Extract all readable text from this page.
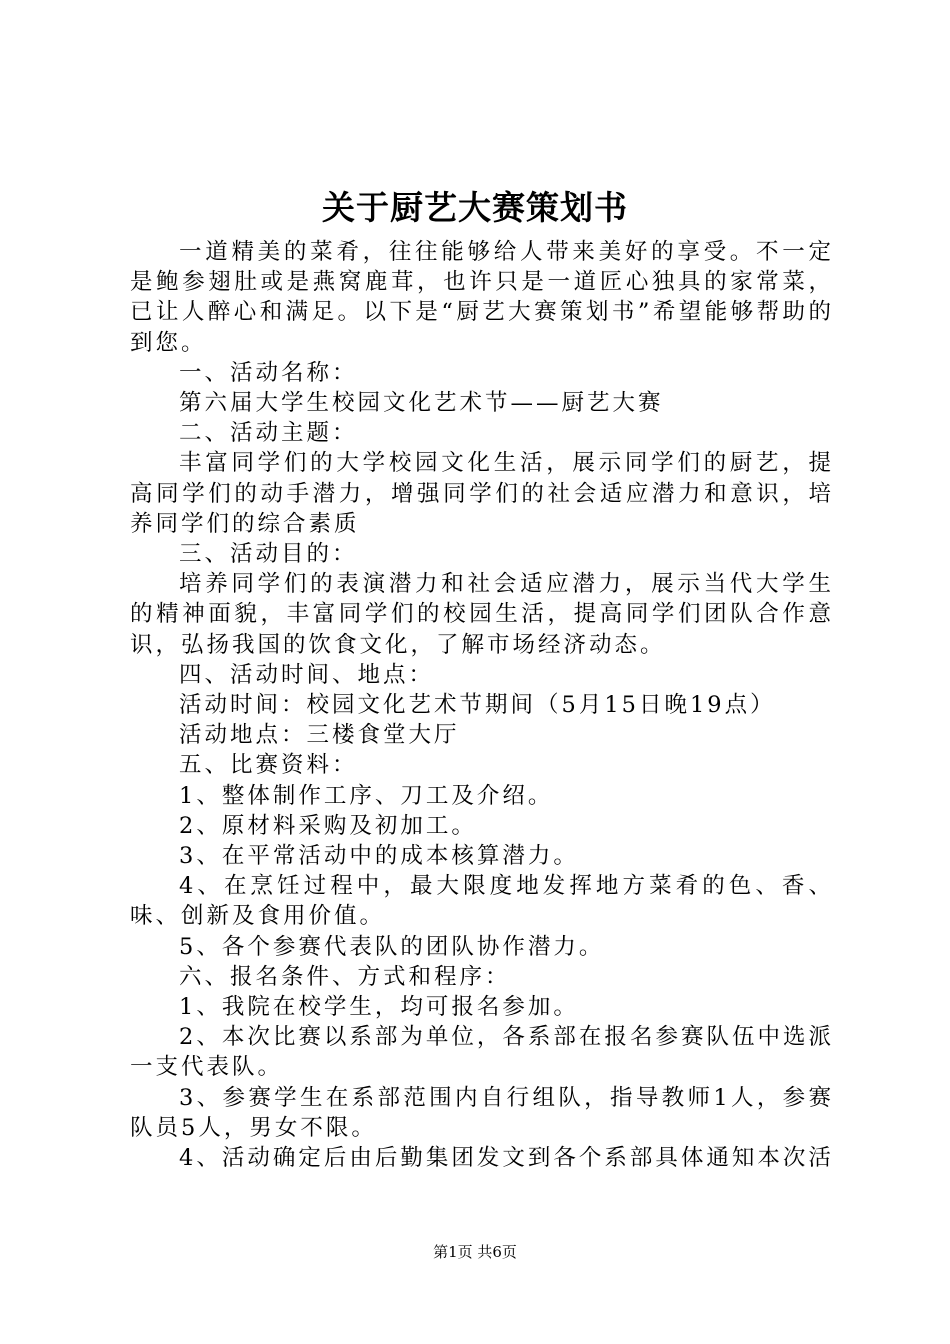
关于厨艺大赛策划书

一道精美的菜肴，往往能够给人带来美好的享受。不一定是鲍参翅肚或是燕窝鹿茸，也许只是一道匠心独具的家常菜，已让人醉心和满足。以下是“厨艺大赛策划书”希望能够帮助的到您。

一、活动名称：

第六届大学生校园文化艺术节——厨艺大赛

二、活动主题：

丰富同学们的大学校园文化生活，展示同学们的厨艺，提高同学们的动手潜力，增强同学们的社会适应潜力和意识，培养同学们的综合素质

三、活动目的：

培养同学们的表演潜力和社会适应潜力，展示当代大学生的精神面貌，丰富同学们的校园生活，提高同学们团队合作意识，弘扬我国的饮食文化，了解市场经济动态。

四、活动时间、地点：

活动时间：校园文化艺术节期间（5月15日晚19点）

活动地点：三楼食堂大厅

五、比赛资料：

1、整体制作工序、刀工及介绍。

2、原材料采购及初加工。

3、在平常活动中的成本核算潜力。

4、在烹饪过程中，最大限度地发挥地方菜肴的色、香、味、创新及食用价值。

5、各个参赛代表队的团队协作潜力。

六、报名条件、方式和程序：

1、我院在校学生，均可报名参加。

2、本次比赛以系部为单位，各系部在报名参赛队伍中选派一支代表队。

3、参赛学生在系部范围内自行组队，指导教师1人，参赛队员5人，男女不限。

4、活动确定后由后勤集团发文到各个系部具体通知本次活

第1页 共6页
